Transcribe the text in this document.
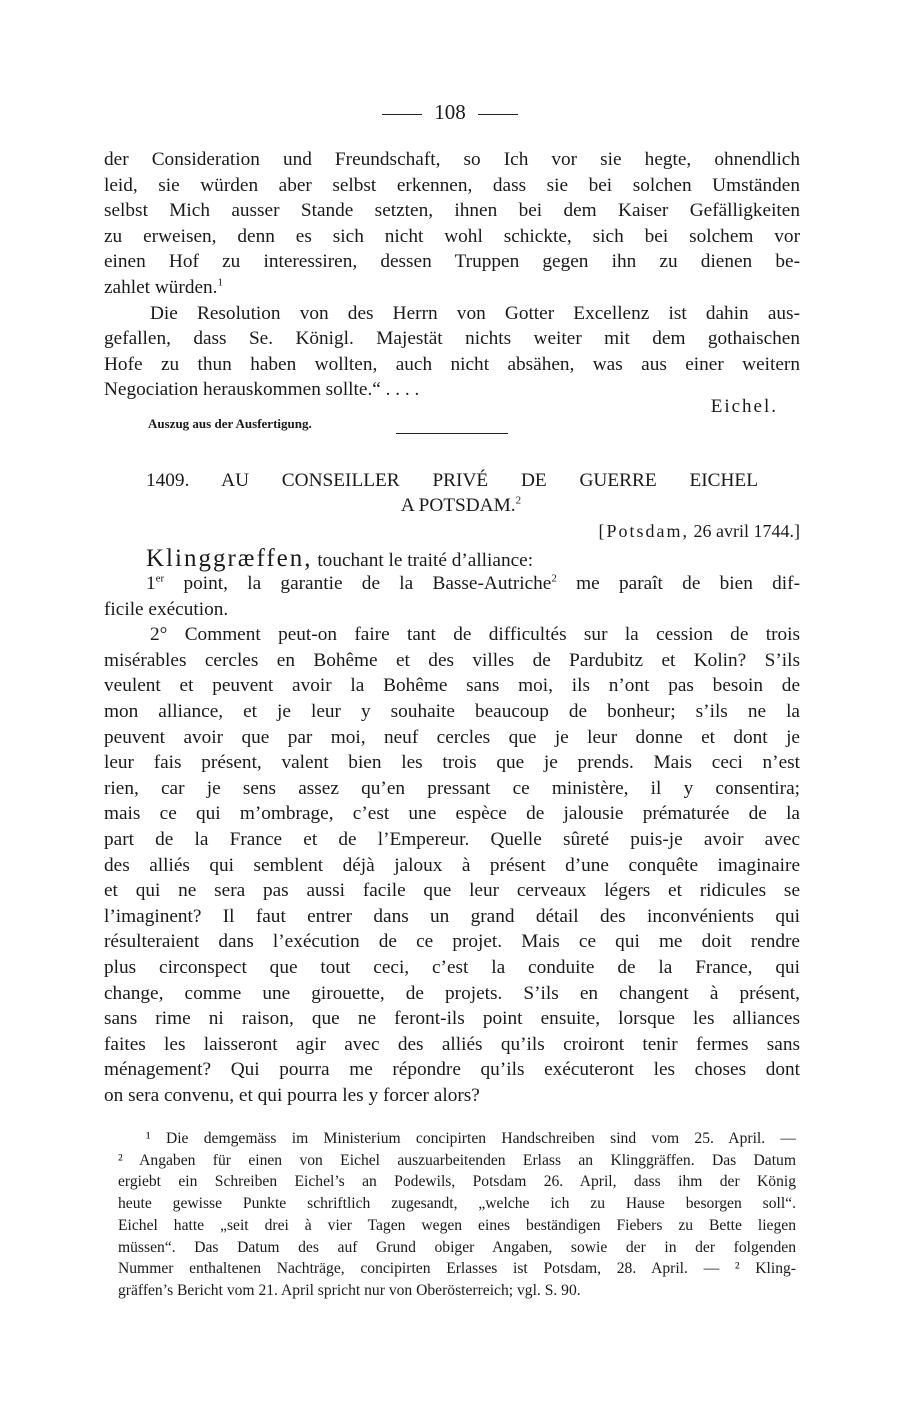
108
der Consideration und Freundschaft, so Ich vor sie hegte, ohnendlich
leid, sie würden aber selbst erkennen, dass sie bei solchen Umständen
selbst Mich ausser Stande setzten, ihnen bei dem Kaiser Gefälligkeiten
zu erweisen, denn es sich nicht wohl schickte, sich bei solchem vor
einen Hof zu interessiren, dessen Truppen gegen ihn zu dienen be-
zahlet würden.$^1$
Die Resolution von des Herrn von Gotter Excellenz ist dahin aus-
gefallen, dass Se. Königl. Majestät nichts weiter mit dem gothaischen
Hofe zu thun haben wollten, auch nicht absähen, was aus einer weitern
Negociation herauskommen sollte.“ . . . .
Eichel.
Auszug aus der Ausfertigung.
1409. AU CONSEILLER PRIVÉ DE GUERRE EICHEL
A POTSDAM.$^2$
[Potsdam, 26 avril 1744.]
Klinggræffen, touchant le traité d’alliance:
1er point, la garantie de la Basse-Autriche$^2$ me paraît de bien dif-
ficile exécution.
2° Comment peut-on faire tant de difficultés sur la cession de trois
misérables cercles en Bohême et des villes de Pardubitz et Kolin? S’ils
veulent et peuvent avoir la Bohême sans moi, ils n’ont pas besoin de
mon alliance, et je leur y souhaite beaucoup de bonheur; s’ils ne la
peuvent avoir que par moi, neuf cercles que je leur donne et dont je
leur fais présent, valent bien les trois que je prends. Mais ceci n’est
rien, car je sens assez qu’en pressant ce ministère, il y consentira;
mais ce qui m’ombrage, c’est une espèce de jalousie prématurée de la
part de la France et de l’Empereur. Quelle sûreté puis-je avoir avec
des alliés qui semblent déjà jaloux à présent d’une conquête imaginaire
et qui ne sera pas aussi facile que leur cerveaux légers et ridicules se
l’imaginent? Il faut entrer dans un grand détail des inconvénients qui
résulteraient dans l’exécution de ce projet. Mais ce qui me doit rendre
plus circonspect que tout ceci, c’est la conduite de la France, qui
change, comme une girouette, de projets. S’ils en changent à présent,
sans rime ni raison, que ne feront-ils point ensuite, lorsque les alliances
faites les laisseront agir avec des alliés qu’ils croiront tenir fermes sans
ménagement? Qui pourra me répondre qu’ils exécuteront les choses dont
on sera convenu, et qui pourra les y forcer alors?
¹ Die demgemäss im Ministerium concipirten Handschreiben sind vom 25. April. —
² Angaben für einen von Eichel auszuarbeitenden Erlass an Klinggräffen. Das Datum
ergiebt ein Schreiben Eichel’s an Podewils, Potsdam 26. April, dass ihm der König
heute gewisse Punkte schriftlich zugesandt, „welche ich zu Hause besorgen soll“.
Eichel hatte „seit drei à vier Tagen wegen eines beständigen Fiebers zu Bette liegen
müssen“. Das Datum des auf Grund obiger Angaben, sowie der in der folgenden
Nummer enthaltenen Nachträge, concipirten Erlasses ist Potsdam, 28. April. — ² Kling-
gräffen’s Bericht vom 21. April spricht nur von Oberösterreich; vgl. S. 90.
